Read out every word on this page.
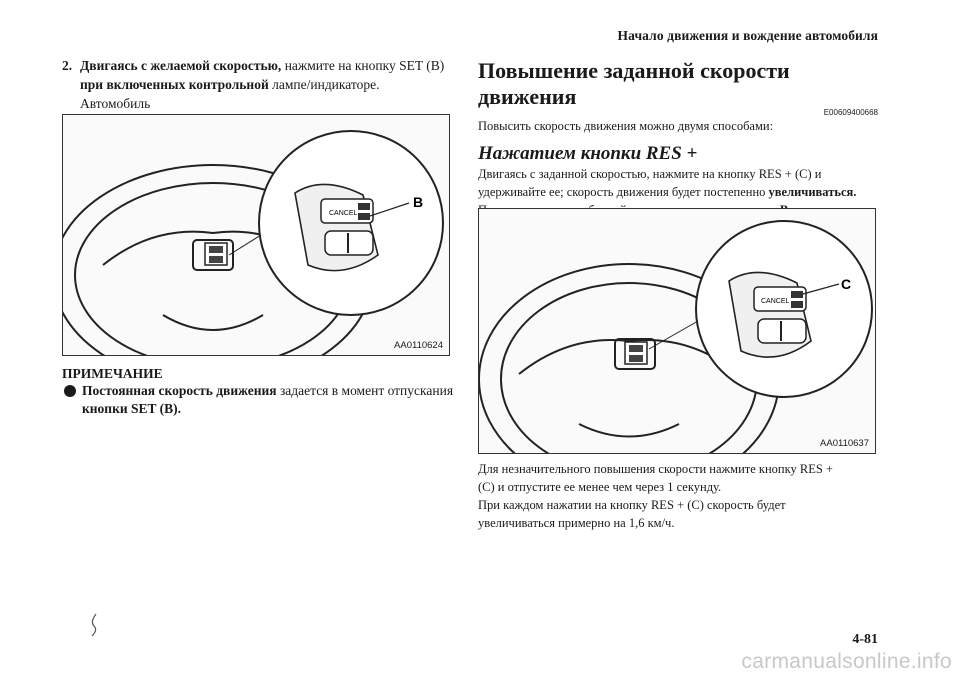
Начало движения и вождение автомобиля
2. Двигаясь с желаемой скоростью, нажмите на кнопку SET (B)
при включенных контрольной лампе/индикаторе. Автомобиль

CANCEL
B
AA0110624
ПРИМЕЧАНИЕ
Постоянная скорость движения задается в момент отпускания
кнопки SET (B).
Повышение заданной скорости движения
E00609400668
Повысить скорость движения можно двумя способами:
Нажатием кнопки RES +
Двигаясь с заданной скоростью, нажмите на кнопку RES + (C) и удерживайте ее; скорость движения будет постепенно увеличиваться.

CANCEL
C
AA0110637
Для незначительного повышения скорости нажмите кнопку RES +
(C) и отпустите ее менее чем через 1 секунду.
При каждом нажатии на кнопку RES + (C) скорость будет
увеличиваться примерно на 1,6 км/ч.
4-81
carmanualsonline.info
